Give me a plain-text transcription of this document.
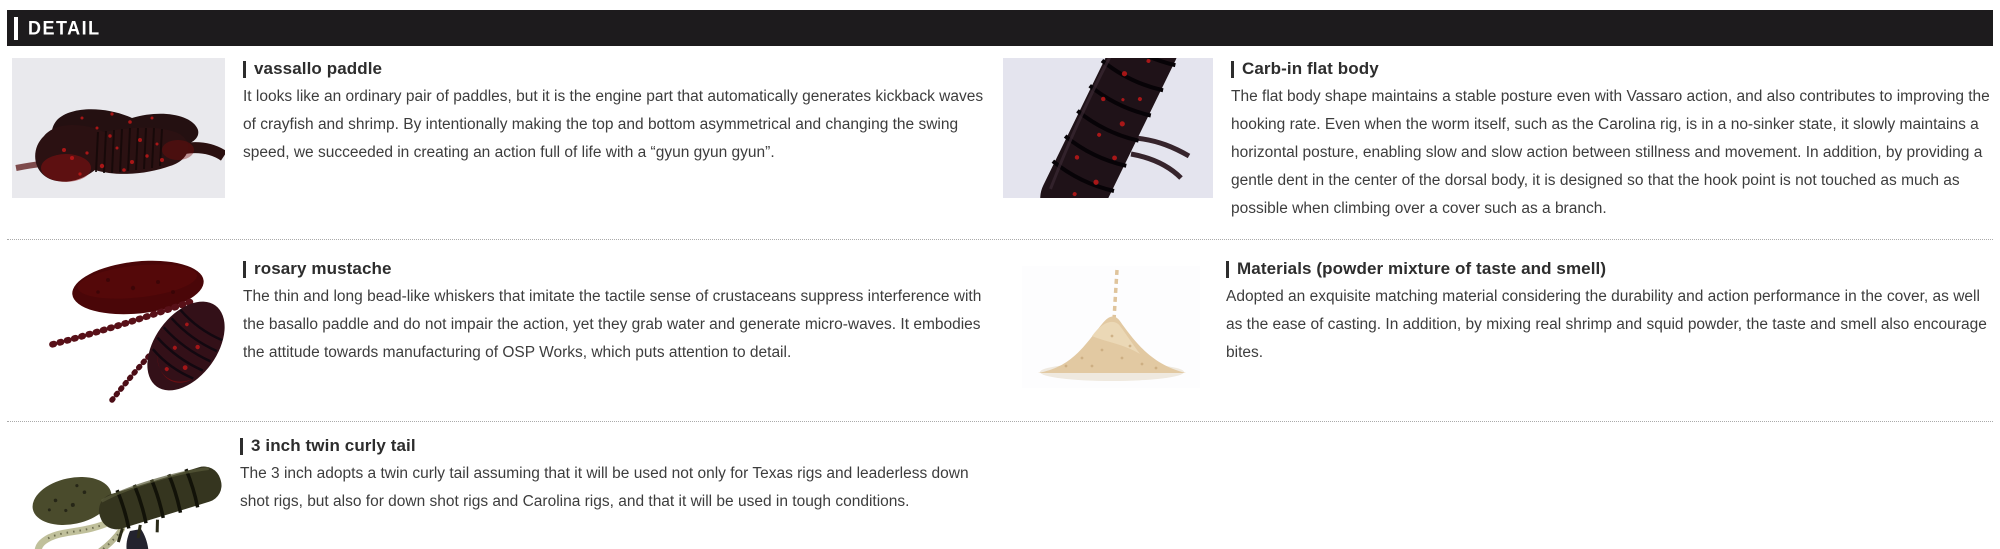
DETAIL
vassallo paddle

It looks like an ordinary pair of paddles, but it is the engine part that automatically generates kickback waves of crayfish and shrimp. By intentionally making the top and bottom asymmetrical and changing the swing speed, we succeeded in creating an action full of life with a “gyun gyun gyun”.

Carb-in flat body

The flat body shape maintains a stable posture even with Vassaro action, and also contributes to improving the hooking rate. Even when the worm itself, such as the Carolina rig, is in a no-sinker state, it slowly maintains a horizontal posture, enabling slow and slow action between stillness and movement. In addition, by providing a gentle dent in the center of the dorsal body, it is designed so that the hook point is not touched as much as possible when climbing over a cover such as a branch.

rosary mustache

The thin and long bead-like whiskers that imitate the tactile sense of crustaceans suppress interference with the basallo paddle and do not impair the action, yet they grab water and generate micro-waves. It embodies the attitude towards manufacturing of OSP Works, which puts attention to detail.

Materials (powder mixture of taste and smell)

Adopted an exquisite matching material considering the durability and action performance in the cover, as well as the ease of casting. In addition, by mixing real shrimp and squid powder, the taste and smell also encourage bites.

3 inch twin curly tail

The 3 inch adopts a twin curly tail assuming that it will be used not only for Texas rigs and leaderless down shot rigs, but also for down shot rigs and Carolina rigs, and that it will be used in tough conditions.
